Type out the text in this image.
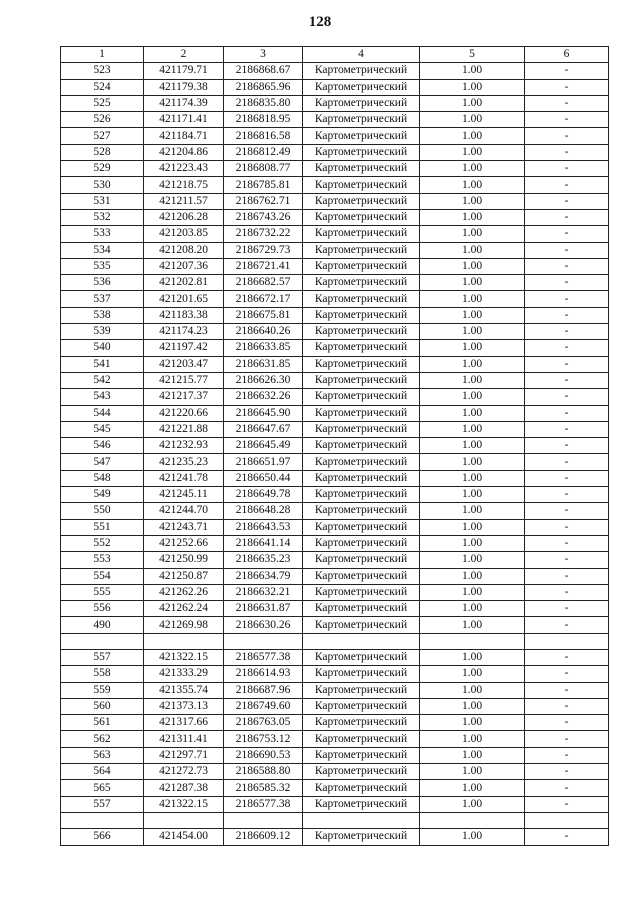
128
1	2	3	4	5	6
523	421179.71	2186868.67	Картометрический	1.00	-
524	421179.38	2186865.96	Картометрический	1.00	-
525	421174.39	2186835.80	Картометрический	1.00	-
526	421171.41	2186818.95	Картометрический	1.00	-
527	421184.71	2186816.58	Картометрический	1.00	-
528	421204.86	2186812.49	Картометрический	1.00	-
529	421223.43	2186808.77	Картометрический	1.00	-
530	421218.75	2186785.81	Картометрический	1.00	-
531	421211.57	2186762.71	Картометрический	1.00	-
532	421206.28	2186743.26	Картометрический	1.00	-
533	421203.85	2186732.22	Картометрический	1.00	-
534	421208.20	2186729.73	Картометрический	1.00	-
535	421207.36	2186721.41	Картометрический	1.00	-
536	421202.81	2186682.57	Картометрический	1.00	-
537	421201.65	2186672.17	Картометрический	1.00	-
538	421183.38	2186675.81	Картометрический	1.00	-
539	421174.23	2186640.26	Картометрический	1.00	-
540	421197.42	2186633.85	Картометрический	1.00	-
541	421203.47	2186631.85	Картометрический	1.00	-
542	421215.77	2186626.30	Картометрический	1.00	-
543	421217.37	2186632.26	Картометрический	1.00	-
544	421220.66	2186645.90	Картометрический	1.00	-
545	421221.88	2186647.67	Картометрический	1.00	-
546	421232.93	2186645.49	Картометрический	1.00	-
547	421235.23	2186651.97	Картометрический	1.00	-
548	421241.78	2186650.44	Картометрический	1.00	-
549	421245.11	2186649.78	Картометрический	1.00	-
550	421244.70	2186648.28	Картометрический	1.00	-
551	421243.71	2186643.53	Картометрический	1.00	-
552	421252.66	2186641.14	Картометрический	1.00	-
553	421250.99	2186635.23	Картометрический	1.00	-
554	421250.87	2186634.79	Картометрический	1.00	-
555	421262.26	2186632.21	Картометрический	1.00	-
556	421262.24	2186631.87	Картометрический	1.00	-
490	421269.98	2186630.26	Картометрический	1.00	-

557	421322.15	2186577.38	Картометрический	1.00	-
558	421333.29	2186614.93	Картометрический	1.00	-
559	421355.74	2186687.96	Картометрический	1.00	-
560	421373.13	2186749.60	Картометрический	1.00	-
561	421317.66	2186763.05	Картометрический	1.00	-
562	421311.41	2186753.12	Картометрический	1.00	-
563	421297.71	2186690.53	Картометрический	1.00	-
564	421272.73	2186588.80	Картометрический	1.00	-
565	421287.38	2186585.32	Картометрический	1.00	-
557	421322.15	2186577.38	Картометрический	1.00	-

566	421454.00	2186609.12	Картометрический	1.00	-
